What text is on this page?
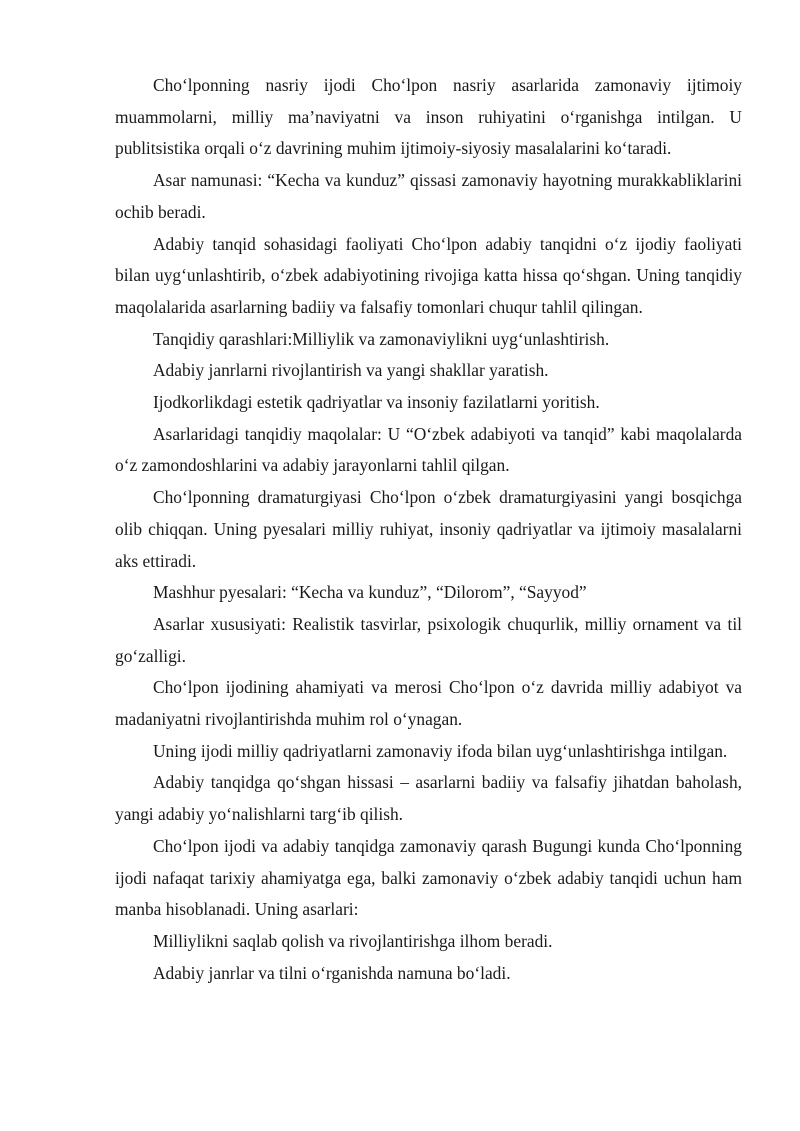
Cho‘lponning nasriy ijodi Cho‘lpon nasriy asarlarida zamonaviy ijtimoiy muammolarni, milliy ma’naviyatni va inson ruhiyatini o‘rganishga intilgan. U publitsistika orqali o‘z davrining muhim ijtimoiy-siyosiy masalalarini ko‘taradi.

Asar namunasi: “Kecha va kunduz” qissasi zamonaviy hayotning murakkabliklarini ochib beradi.

Adabiy tanqid sohasidagi faoliyati Cho‘lpon adabiy tanqidni o‘z ijodiy faoliyati bilan uyg‘unlashtirib, o‘zbek adabiyotining rivojiga katta hissa qo‘shgan. Uning tanqidiy maqolalarida asarlarning badiiy va falsafiy tomonlari chuqur tahlil qilingan.

Tanqidiy qarashlari:Milliylik va zamonaviylikni uyg‘unlashtirish.

Adabiy janrlarni rivojlantirish va yangi shakllar yaratish.

Ijodkorlikdagi estetik qadriyatlar va insoniy fazilatlarni yoritish.

Asarlaridagi tanqidiy maqolalar: U “O‘zbek adabiyoti va tanqid” kabi maqolalarda o‘z zamondoshlarini va adabiy jarayonlarni tahlil qilgan.

Cho‘lponning dramaturgiyasi Cho‘lpon o‘zbek dramaturgiyasini yangi bosqichga olib chiqqan. Uning pyesalari milliy ruhiyat, insoniy qadriyatlar va ijtimoiy masalalarni aks ettiradi.

Mashhur pyesalari: “Kecha va kunduz”, “Dilorom”, “Sayyod”

Asarlar xususiyati: Realistik tasvirlar, psixologik chuqurlik, milliy ornament va til go‘zalligi.

Cho‘lpon ijodining ahamiyati va merosi Cho‘lpon o‘z davrida milliy adabiyot va madaniyatni rivojlantirishda muhim rol o‘ynagan.

Uning ijodi milliy qadriyatlarni zamonaviy ifoda bilan uyg‘unlashtirishga intilgan.

Adabiy tanqidga qo‘shgan hissasi – asarlarni badiiy va falsafiy jihatdan baholash, yangi adabiy yo‘nalishlarni targ‘ib qilish.

Cho‘lpon ijodi va adabiy tanqidga zamonaviy qarash Bugungi kunda Cho‘lponning ijodi nafaqat tarixiy ahamiyatga ega, balki zamonaviy o‘zbek adabiy tanqidi uchun ham manba hisoblanadi. Uning asarlari:

Milliylikni saqlab qolish va rivojlantirishga ilhom beradi.

Adabiy janrlar va tilni o‘rganishda namuna bo‘ladi.
